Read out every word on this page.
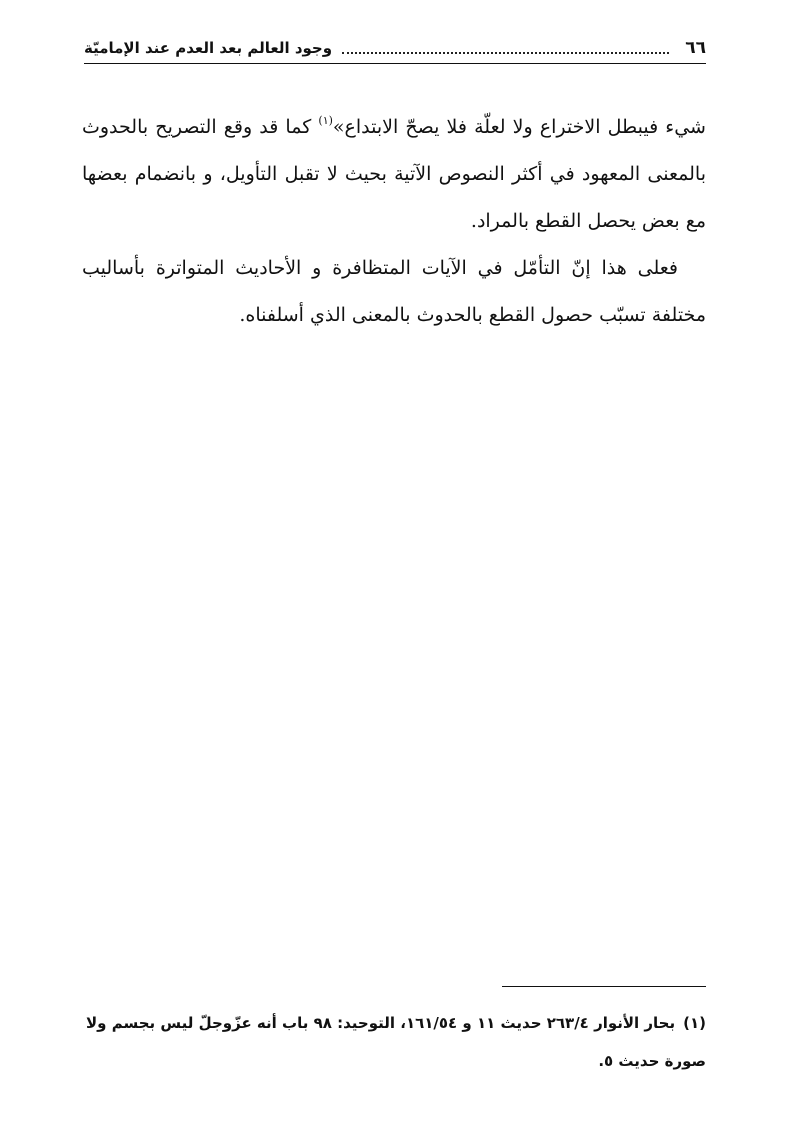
٦٦
وجود العالم بعد العدم عند الإماميّة

شيء فيبطل الاختراع ولا لعلّة فلا يصحّ الابتداع»$^{(١)}$ كما قد وقع التصريح بالحدوث بالمعنى المعهود في أكثر النصوص الآتية بحيث لا تقبل التأويل، و بانضمام بعضها مع بعض يحصل القطع بالمراد.

فعلى هذا إنّ التأمّل في الآيات المتظافرة و الأحاديث المتواترة بأساليب مختلفة تسبّب حصول القطع بالحدوث بالمعنى الذي أسلفناه.

(١)بحار الأنوار ٢٦٣/٤ حديث ١١ و ١٦١/٥٤، التوحيد: ٩٨ باب أنه عزّوجلّ ليس بجسم ولا صورة حديث ٥.
